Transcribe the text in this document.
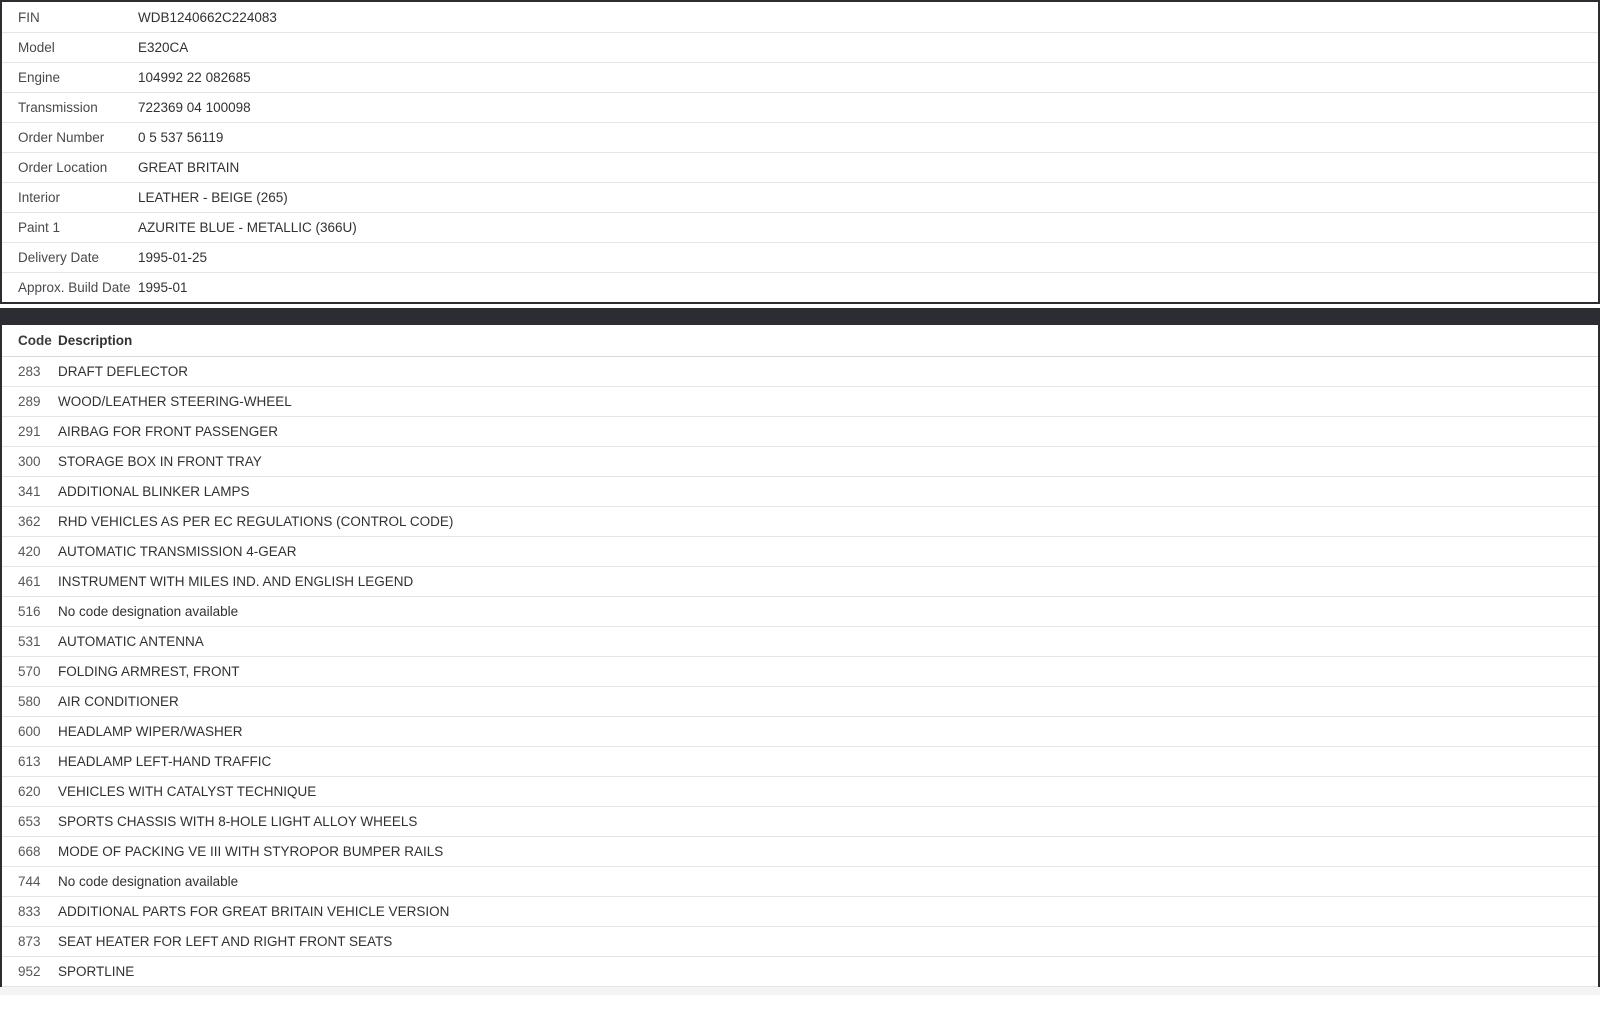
FIN	WDB1240662C224083
Model	E320CA
Engine	104992 22 082685
Transmission	722369 04 100098
Order Number	0 5 537 56119
Order Location	GREAT BRITAIN
Interior	LEATHER - BEIGE (265)
Paint 1	AZURITE BLUE - METALLIC (366U)
Delivery Date	1995-01-25
Approx. Build Date 1995-01
Code Description
283	DRAFT DEFLECTOR
289	WOOD/LEATHER STEERING-WHEEL
291	AIRBAG FOR FRONT PASSENGER
300	STORAGE BOX IN FRONT TRAY
341	ADDITIONAL BLINKER LAMPS
362	RHD VEHICLES AS PER EC REGULATIONS (CONTROL CODE)
420	AUTOMATIC TRANSMISSION 4-GEAR
461	INSTRUMENT WITH MILES IND. AND ENGLISH LEGEND
516	No code designation available
531	AUTOMATIC ANTENNA
570	FOLDING ARMREST, FRONT
580	AIR CONDITIONER
600	HEADLAMP WIPER/WASHER
613	HEADLAMP LEFT-HAND TRAFFIC
620	VEHICLES WITH CATALYST TECHNIQUE
653	SPORTS CHASSIS WITH 8-HOLE LIGHT ALLOY WHEELS
668	MODE OF PACKING VE III WITH STYROPOR BUMPER RAILS
744	No code designation available
833	ADDITIONAL PARTS FOR GREAT BRITAIN VEHICLE VERSION
873	SEAT HEATER FOR LEFT AND RIGHT FRONT SEATS
952	SPORTLINE
